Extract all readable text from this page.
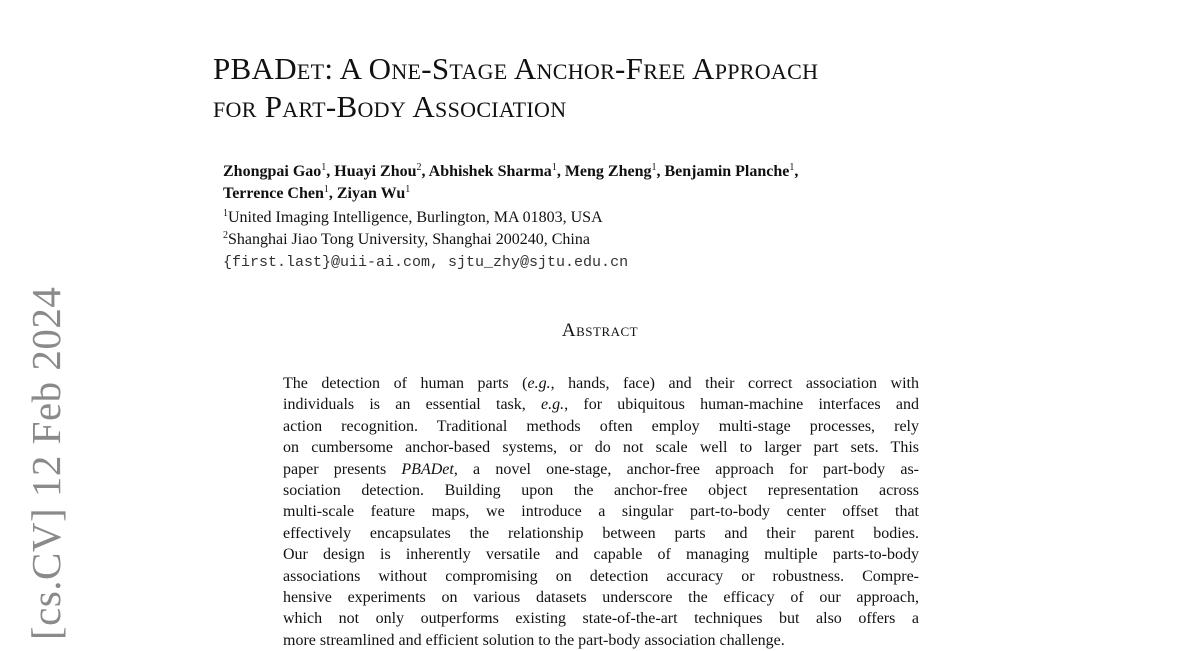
[cs.CV] 12 Feb 2024
PBADet: A One-Stage Anchor-Free Approach
for Part-Body Association
Zhongpai Gao$^1$, Huayi Zhou$^2$, Abhishek Sharma$^1$, Meng Zheng$^1$, Benjamin Planche$^1$,
Terrence Chen$^1$, Ziyan Wu$^1$
$^1$United Imaging Intelligence, Burlington, MA 01803, USA
$^2$Shanghai Jiao Tong University, Shanghai 200240, China
{first.last}@uii-ai.com, sjtu_zhy@sjtu.edu.cn
Abstract
The detection of human parts (e.g., hands, face) and their correct association with
individuals is an essential task, e.g., for ubiquitous human-machine interfaces and
action recognition. Traditional methods often employ multi-stage processes, rely
on cumbersome anchor-based systems, or do not scale well to larger part sets. This
paper presents PBADet, a novel one-stage, anchor-free approach for part-body as-
sociation detection. Building upon the anchor-free object representation across
multi-scale feature maps, we introduce a singular part-to-body center offset that
effectively encapsulates the relationship between parts and their parent bodies.
Our design is inherently versatile and capable of managing multiple parts-to-body
associations without compromising on detection accuracy or robustness. Compre-
hensive experiments on various datasets underscore the efficacy of our approach,
which not only outperforms existing state-of-the-art techniques but also offers a
more streamlined and efficient solution to the part-body association challenge.
